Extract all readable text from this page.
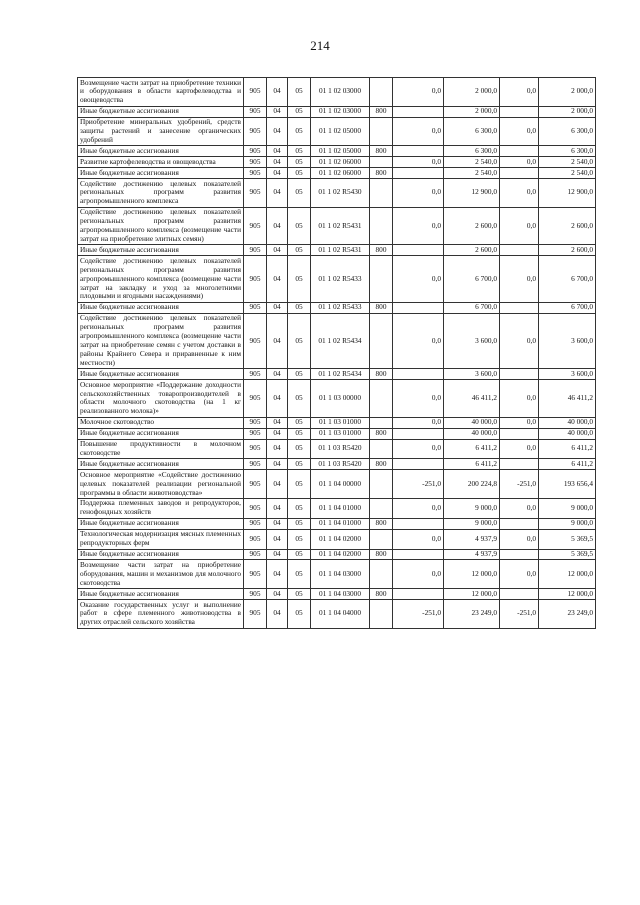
214
Возмещение части затрат на приобретение техники и оборудования в области картофелеводства и овощеводства	905	04	05	01 1 02 03000		0,0	2 000,0	0,0	2 000,0
Иные бюджетные ассигнования	905	04	05	01 1 02 03000	800		2 000,0		2 000,0
Приобретение минеральных удобрений, средств защиты растений и занесение органических удобрений	905	04	05	01 1 02 05000		0,0	6 300,0	0,0	6 300,0
Иные бюджетные ассигнования	905	04	05	01 1 02 05000	800		6 300,0		6 300,0
Развитие картофелеводства и овощеводства	905	04	05	01 1 02 06000		0,0	2 540,0	0,0	2 540,0
Иные бюджетные ассигнования	905	04	05	01 1 02 06000	800		2 540,0		2 540,0
Содействие достижению целевых показателей региональных программ развития агропромышленного комплекса	905	04	05	01 1 02 R5430		0,0	12 900,0	0,0	12 900,0
Содействие достижению целевых показателей региональных программ развития агропромышленного комплекса (возмещение части затрат на приобретение элитных семян)	905	04	05	01 1 02 R5431		0,0	2 600,0	0,0	2 600,0
Иные бюджетные ассигнования	905	04	05	01 1 02 R5431	800		2 600,0		2 600,0
Содействие достижению целевых показателей региональных программ развития агропромышленного комплекса (возмещение части затрат на закладку и уход за многолетними плодовыми и ягодными насаждениями)	905	04	05	01 1 02 R5433		0,0	6 700,0	0,0	6 700,0
Иные бюджетные ассигнования	905	04	05	01 1 02 R5433	800		6 700,0		6 700,0
Содействие достижению целевых показателей региональных программ развития агропромышленного комплекса (возмещение части затрат на приобретение семян с учетом доставки в районы Крайнего Севера и приравненные к ним местности)	905	04	05	01 1 02 R5434		0,0	3 600,0	0,0	3 600,0
Иные бюджетные ассигнования	905	04	05	01 1 02 R5434	800		3 600,0		3 600,0
Основное мероприятие «Поддержание доходности сельскохозяйственных товаропроизводителей в области молочного скотоводства (на 1 кг реализованного молока)»	905	04	05	01 1 03 00000		0,0	46 411,2	0,0	46 411,2
Молочное скотоводство	905	04	05	01 1 03 01000		0,0	40 000,0	0,0	40 000,0
Иные бюджетные ассигнования	905	04	05	01 1 03 01000	800		40 000,0		40 000,0
Повышение продуктивности в молочном скотоводстве	905	04	05	01 1 03 R5420		0,0	6 411,2	0,0	6 411,2
Иные бюджетные ассигнования	905	04	05	01 1 03 R5420	800		6 411,2		6 411,2
Основное мероприятие «Содействие достижению целевых показателей реализации региональной программы в области животноводства»	905	04	05	01 1 04 00000		-251,0	200 224,8	-251,0	193 656,4
Поддержка племенных заводов и репродукторов, генофондных хозяйств	905	04	05	01 1 04 01000		0,0	9 000,0	0,0	9 000,0
Иные бюджетные ассигнования	905	04	05	01 1 04 01000	800		9 000,0		9 000,0
Технологическая модернизация мясных племенных репродукторных ферм	905	04	05	01 1 04 02000		0,0	4 937,9	0,0	5 369,5
Иные бюджетные ассигнования	905	04	05	01 1 04 02000	800		4 937,9		5 369,5
Возмещение части затрат на приобретение оборудования, машин и механизмов для молочного скотоводства	905	04	05	01 1 04 03000		0,0	12 000,0	0,0	12 000,0
Иные бюджетные ассигнования	905	04	05	01 1 04 03000	800		12 000,0		12 000,0
Оказание государственных услуг и выполнение работ в сфере племенного животноводства в других отраслей сельского хозяйства	905	04	05	01 1 04 04000		-251,0	23 249,0	-251,0	23 249,0
